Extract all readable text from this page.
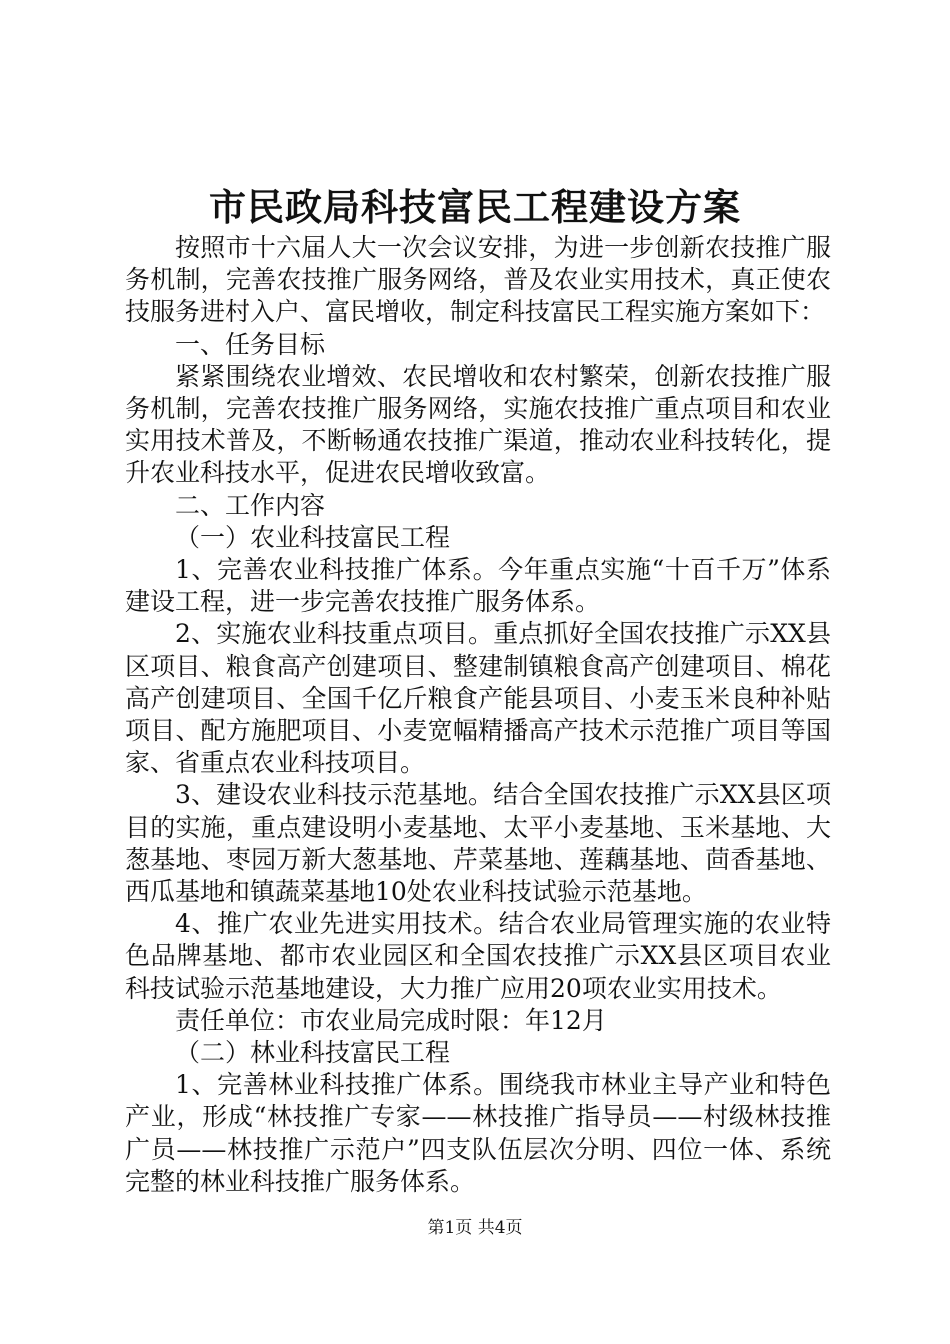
市民政局科技富民工程建设方案

按照市十六届人大一次会议安排，为进一步创新农技推广服务机制，完善农技推广服务网络，普及农业实用技术，真正使农技服务进村入户、富民增收，制定科技富民工程实施方案如下：

一、任务目标

紧紧围绕农业增效、农民增收和农村繁荣，创新农技推广服务机制，完善农技推广服务网络，实施农技推广重点项目和农业实用技术普及，不断畅通农技推广渠道，推动农业科技转化，提升农业科技水平，促进农民增收致富。

二、工作内容

（一）农业科技富民工程

1、完善农业科技推广体系。今年重点实施“十百千万”体系建设工程，进一步完善农技推广服务体系。

2、实施农业科技重点项目。重点抓好全国农技推广示XX县区项目、粮食高产创建项目、整建制镇粮食高产创建项目、棉花高产创建项目、全国千亿斤粮食产能县项目、小麦玉米良种补贴项目、配方施肥项目、小麦宽幅精播高产技术示范推广项目等国家、省重点农业科技项目。

3、建设农业科技示范基地。结合全国农技推广示XX县区项目的实施，重点建设明小麦基地、太平小麦基地、玉米基地、大葱基地、枣园万新大葱基地、芹菜基地、莲藕基地、茴香基地、西瓜基地和镇蔬菜基地10处农业科技试验示范基地。

4、推广农业先进实用技术。结合农业局管理实施的农业特色品牌基地、都市农业园区和全国农技推广示XX县区项目农业科技试验示范基地建设，大力推广应用20项农业实用技术。

责任单位：市农业局完成时限：年12月

（二）林业科技富民工程

1、完善林业科技推广体系。围绕我市林业主导产业和特色产业，形成“林技推广专家——林技推广指导员——村级林技推广员——林技推广示范户”四支队伍层次分明、四位一体、系统完整的林业科技推广服务体系。

第1页 共4页
